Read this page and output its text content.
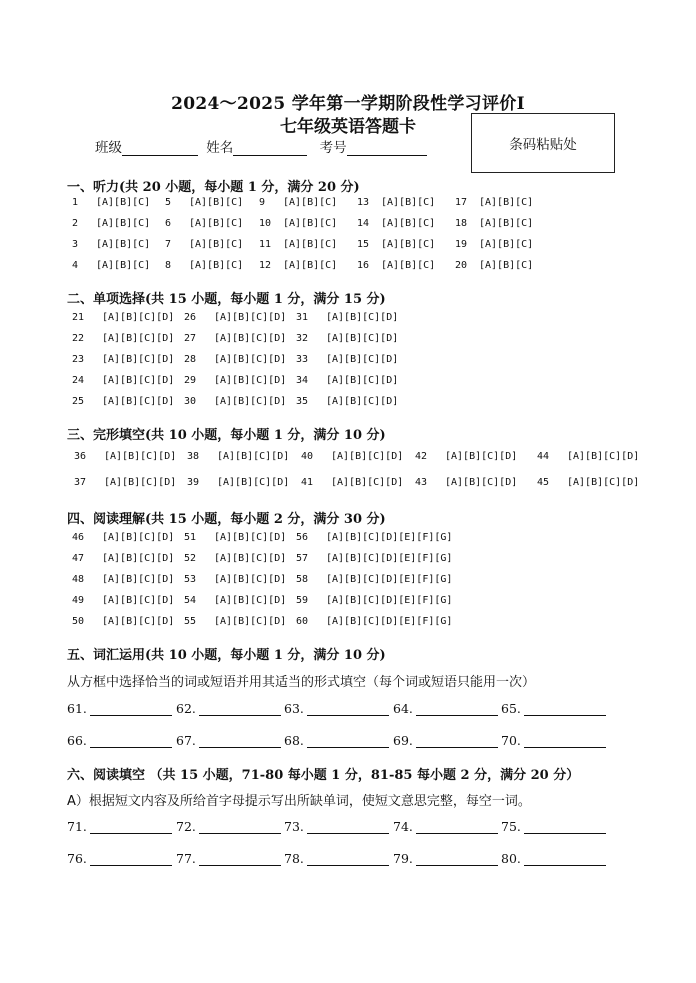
2024～2025 学年第一学期阶段性学习评价Ⅰ
七年级英语答题卡
班级	姓名	考号	条码粘贴处
一、听力(共 20 小题，每小题 1 分，满分 20 分)
1 [A][B][C] 5 [A][B][C] 9 [A][B][C] 13 [A][B][C] 17 [A][B][C]
2 [A][B][C] 6 [A][B][C] 10 [A][B][C] 14 [A][B][C] 18 [A][B][C]
3 [A][B][C] 7 [A][B][C] 11 [A][B][C] 15 [A][B][C] 19 [A][B][C]
4 [A][B][C] 8 [A][B][C] 12 [A][B][C] 16 [A][B][C] 20 [A][B][C]
二、单项选择(共 15 小题，每小题 1 分，满分 15 分)
21 [A][B][C][D] 26 [A][B][C][D] 31 [A][B][C][D]
22 [A][B][C][D] 27 [A][B][C][D] 32 [A][B][C][D]
23 [A][B][C][D] 28 [A][B][C][D] 33 [A][B][C][D]
24 [A][B][C][D] 29 [A][B][C][D] 34 [A][B][C][D]
25 [A][B][C][D] 30 [A][B][C][D] 35 [A][B][C][D]
三、完形填空(共 10 小题，每小题 1 分，满分 10 分)
36 [A][B][C][D] 38 [A][B][C][D] 40 [A][B][C][D] 42 [A][B][C][D] 44 [A][B][C][D]
37 [A][B][C][D] 39 [A][B][C][D] 41 [A][B][C][D] 43 [A][B][C][D] 45 [A][B][C][D]
四、阅读理解(共 15 小题，每小题 2 分，满分 30 分)
46 [A][B][C][D] 51 [A][B][C][D] 56 [A][B][C][D][E][F][G]
47 [A][B][C][D] 52 [A][B][C][D] 57 [A][B][C][D][E][F][G]
48 [A][B][C][D] 53 [A][B][C][D] 58 [A][B][C][D][E][F][G]
49 [A][B][C][D] 54 [A][B][C][D] 59 [A][B][C][D][E][F][G]
50 [A][B][C][D] 55 [A][B][C][D] 60 [A][B][C][D][E][F][G]
五、词汇运用(共 10 小题，每小题 1 分，满分 10 分)
从方框中选择恰当的词或短语并用其适当的形式填空（每个词或短语只能用一次）
61.	62.	63.	64.	65.
66.	67.	68.	69.	70.
六、阅读填空 （共 15 小题，71-80 每小题 1 分，81-85 每小题 2 分，满分 20 分）
A）根据短文内容及所给首字母提示写出所缺单词，使短文意思完整，每空一词。
71.	72.	73.	74.	75.
76.	77.	78.	79.	80.
